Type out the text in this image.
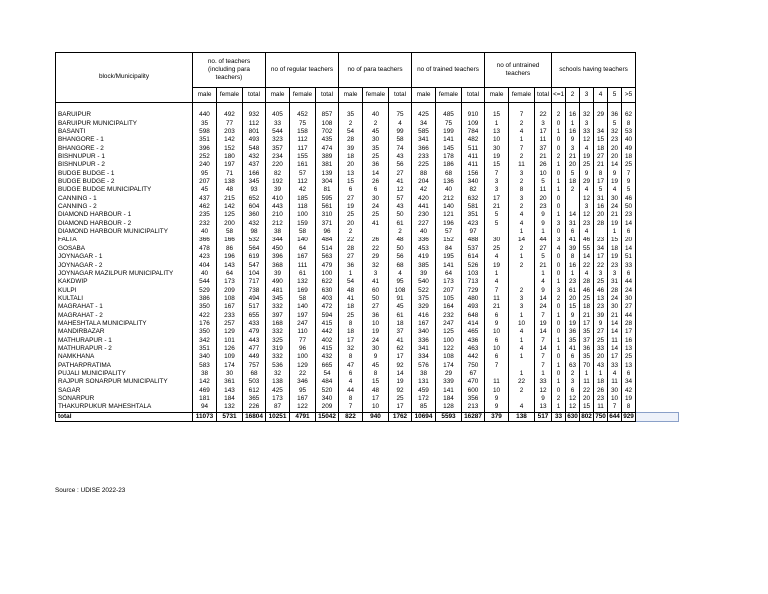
block/Municipality	no. of teachers (including para teachers)			no of regular teachers			no of para teachers			no of trained teachers			no of untrained teachers			schools having teachers						
	male	female	total	male	female	total	male	female	total	male	female	total	male	female	total	<=1	2	3	4	5	>5	

BARUIPUR	440	492	932	405	452	857	35	40	75	425	485	910	15	7	22	2	16	32	29	36	62	
BARUIPUR MUNICIPALITY	35	77	112	33	75	108	2	2	4	34	75	109	1	2	3	0	1	3		5	8	
BASANTI	598	203	801	544	158	702	54	45	99	585	199	784	13	4	17	1	16	33	34	32	53	
BHANGORE - 1	351	142	493	323	112	435	28	30	58	341	141	482	10	1	11	0	9	12	15	23	40	
BHANGORE - 2	396	152	548	357	117	474	39	35	74	366	145	511	30	7	37	0	3	4	18	20	49	
BISHNUPUR - 1	252	180	432	234	155	389	18	25	43	233	178	411	19	2	21	2	21	19	27	20	18	
BISHNUPUR - 2	240	197	437	220	161	381	20	36	56	225	186	411	15	11	26	1	20	25	21	14	25	
BUDGE BUDGE - 1	95	71	166	82	57	139	13	14	27	88	68	156	7	3	10	0	5	9	8	9	7	
BUDGE BUDGE - 2	207	138	345	192	112	304	15	26	41	204	136	340	3	2	5	1	18	29	17	19	9	
BUDGE BUDGE MUNICIPALITY	45	48	93	39	42	81	6	6	12	42	40	82	3	8	11	1	2	4	5	4	5	
CANNING - 1	437	215	652	410	185	595	27	30	57	420	212	632	17	3	20	0		12	31	30	46	
CANNING - 2	462	142	604	443	118	561	19	24	43	441	140	581	21	2	23	0		3	16	24	50	
DIAMOND HARBOUR - 1	235	125	360	210	100	310	25	25	50	230	121	351	5	4	9	1	14	12	20	21	23	
DIAMOND HARBOUR - 2	232	200	432	212	159	371	20	41	61	227	196	423	5	4	9	3	31	23	28	19	14	
DIAMOND HARBOUR MUNICIPALITY	40	58	98	38	58	96	2		2	40	57	97		1	1	0	6	4		1	6	
FALTA	366	166	532	344	140	484	22	26	48	336	152	488	30	14	44	3	41	46	23	15	20	
GOSABA	478	86	564	450	64	514	28	22	50	453	84	537	25	2	27	4	39	55	34	18	14	
JOYNAGAR - 1	423	196	619	396	167	563	27	29	56	419	195	614	4	1	5	0	8	14	17	19	51	
JOYNAGAR - 2	404	143	547	368	111	479	36	32	68	385	141	526	19	2	21	0	16	22	22	23	33	
JOYNAGAR MAZILPUR MUNICIPALITY	40	64	104	39	61	100	1	3	4	39	64	103	1		1	0	1	4	3	3	6	
KAKDWIP	544	173	717	490	132	622	54	41	95	540	173	713	4		4	1	23	28	25	31	44	
KULPI	529	209	738	481	169	630	48	60	108	522	207	729	7	2	9	3	61	46	46	28	24	
KULTALI	386	108	494	345	58	403	41	50	91	375	105	480	11	3	14	2	20	25	13	24	30	
MAGRAHAT - 1	350	167	517	332	140	472	18	27	45	329	164	493	21	3	24	0	15	18	23	30	27	
MAGRAHAT - 2	422	233	655	397	197	594	25	36	61	416	232	648	6	1	7	1	9	21	39	21	44	
MAHESHTALA MUNICIPALITY	176	257	433	168	247	415	8	10	18	167	247	414	9	10	19	0	19	17	9	14	28	
MANDIRBAZAR	350	129	479	332	110	442	18	19	37	340	125	465	10	4	14	0	36	35	27	14	17	
MATHURAPUR - 1	342	101	443	325	77	402	17	24	41	336	100	436	6	1	7	1	35	37	25	11	16	
MATHURAPUR - 2	351	126	477	319	96	415	32	30	62	341	122	463	10	4	14	1	41	36	33	14	13	
NAMKHANA	340	109	449	332	100	432	8	9	17	334	108	442	6	1	7	0	6	35	20	17	25	
PATHARPRATIMA	583	174	757	536	129	665	47	45	92	576	174	750	7		7	1	63	70	43	33	13	
PUJALI MUNICIPALITY	38	30	68	32	22	54	6	8	14	38	29	67		1	1	0	2	1	1	4	6	
RAJPUR SONARPUR MUNICIPALITY	142	361	503	138	346	484	4	15	19	131	339	470	11	22	33	1	3	11	18	11	34	
SAGAR	469	143	612	425	95	520	44	48	92	459	141	600	10	2	12	0	6	22	26	30	42	
SONARPUR	181	184	365	173	167	340	8	17	25	172	184	356	9		9	2	12	20	23	10	19	
THAKURPUKUR MAHESHTALA	94	132	226	87	122	209	7	10	17	85	128	213	9	4	13	1	12	15	11	7	8	
total	11073	5731	16804	10251	4791	15042	822	940	1762	10694	5593	16287	379	138	517	33	630	802	750	644	929	
Source : UDISE 2022-23
